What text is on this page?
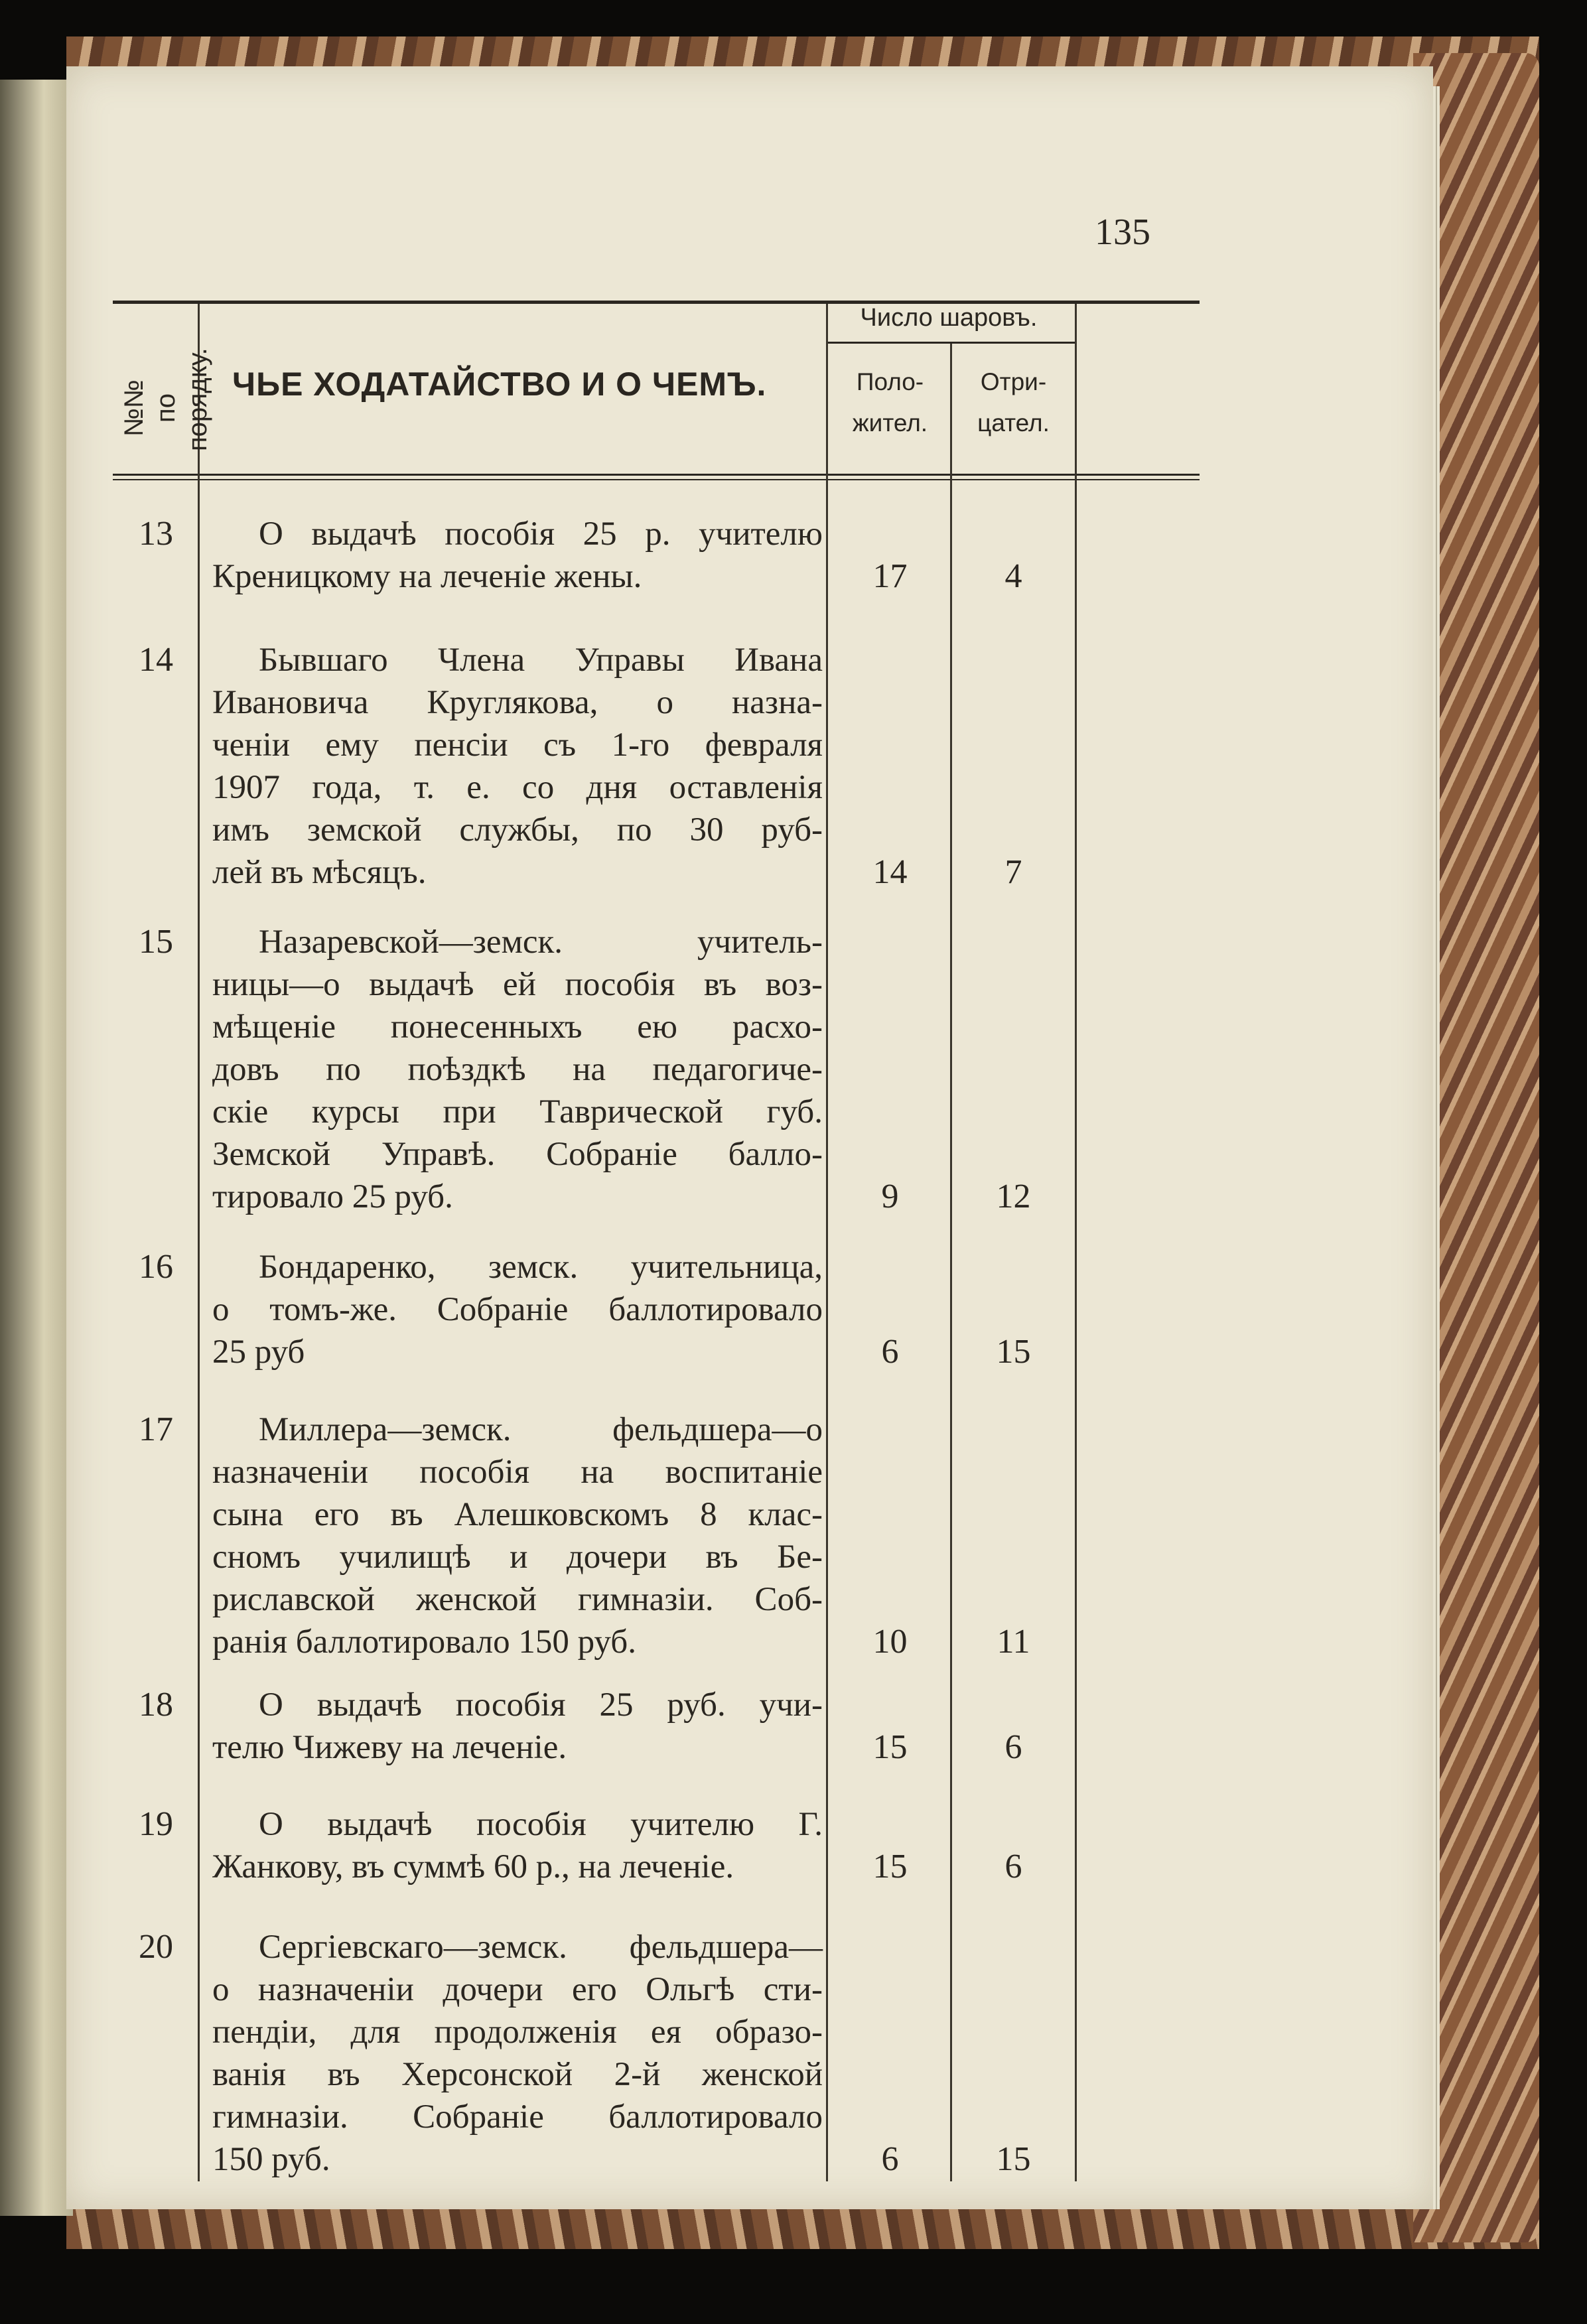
135
№№ по порядку. ЧЬЕ ХОДАТАЙСТВО И О ЧЕМЪ.
Число шаровъ.
Поло-
жител.
Отри-
цател.
13	О выдачѣ пособія 25 р. учителю
Креницкому на леченіе жены.	17	4
14	Бывшаго Члена Управы Ивана
Ивановича Круглякова, о назна-
ченіи ему пенсіи съ 1-го февраля
1907 года, т. е. со дня оставленія
имъ земской службы, по 30 руб-
лей въ мѣсяцъ.	14	7
15	Назаревской—земск. учитель-
ницы—о выдачѣ ей пособія въ воз-
мѣщеніе понесенныхъ ею расхо-
довъ по поѣздкѣ на педагогиче-
скіе курсы при Таврической губ.
Земской Управѣ. Собраніе балло-
тировало 25 руб.	9	12
16	Бондаренко, земск. учительница,
о томъ-же. Собраніе баллотировало
25 руб	6	15
17	Миллера—земск. фельдшера—о
назначеніи пособія на воспитаніе
сына его въ Алешковскомъ 8 клас-
сномъ училищѣ и дочери въ Бе-
риславской женской гимназіи. Соб-
ранія баллотировало 150 руб.	10	11
18	О выдачѣ пособія 25 руб. учи-
телю Чижеву на леченіе.	15	6
19	О выдачѣ пособія учителю Г.
Жанкову, въ суммѣ 60 р., на леченіе.	15	6
20	Сергіевскаго—земск. фельдшера—
о назначеніи дочери его Ольгѣ сти-
пендіи, для продолженія ея образо-
ванія въ Херсонской 2-й женской
гимназіи. Собраніе баллотировало
150 руб.	6	15
